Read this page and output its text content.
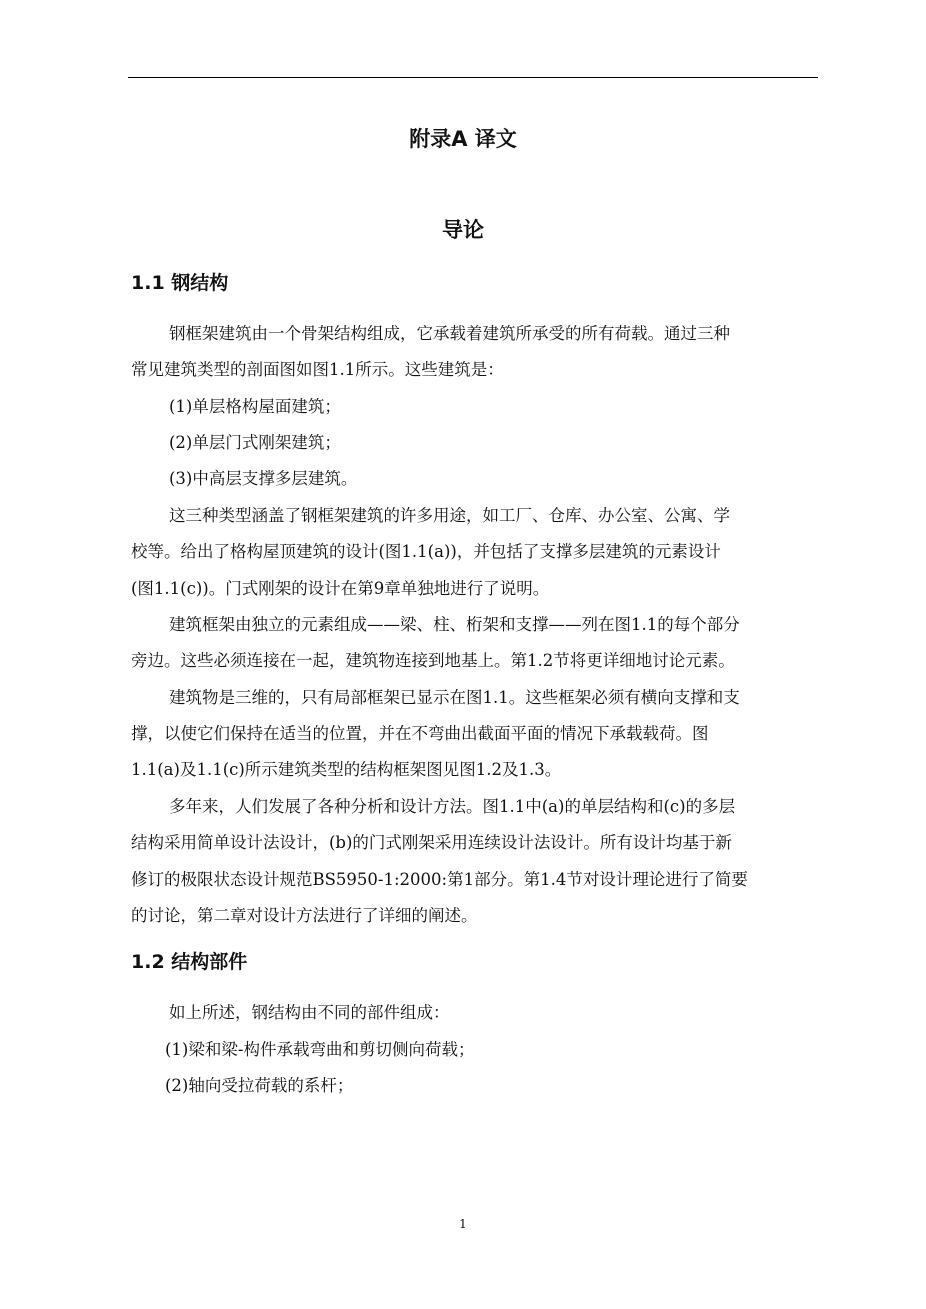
附录A 译文
导论
1.1 钢结构
钢框架建筑由一个骨架结构组成，它承载着建筑所承受的所有荷载。通过三种
常见建筑类型的剖面图如图1.1所示。这些建筑是：
(1)单层格构屋面建筑；
(2)单层门式刚架建筑；
(3)中高层支撑多层建筑。
这三种类型涵盖了钢框架建筑的许多用途，如工厂、仓库、办公室、公寓、学
校等。给出了格构屋顶建筑的设计(图1.1(a))，并包括了支撑多层建筑的元素设计
(图1.1(c))。门式刚架的设计在第9章单独地进行了说明。
建筑框架由独立的元素组成——梁、柱、桁架和支撑——列在图1.1的每个部分
旁边。这些必须连接在一起，建筑物连接到地基上。第1.2节将更详细地讨论元素。
建筑物是三维的，只有局部框架已显示在图1.1。这些框架必须有横向支撑和支
撑，以使它们保持在适当的位置，并在不弯曲出截面平面的情况下承载载荷。图
1.1(a)及1.1(c)所示建筑类型的结构框架图见图1.2及1.3。
多年来，人们发展了各种分析和设计方法。图1.1中(a)的单层结构和(c)的多层
结构采用简单设计法设计，(b)的门式刚架采用连续设计法设计。所有设计均基于新
修订的极限状态设计规范BS5950-1:2000:第1部分。第1.4节对设计理论进行了简要
的讨论，第二章对设计方法进行了详细的阐述。
1.2 结构部件
如上所述，钢结构由不同的部件组成：
(1)梁和梁-构件承载弯曲和剪切侧向荷载；
(2)轴向受拉荷载的系杆；
1
